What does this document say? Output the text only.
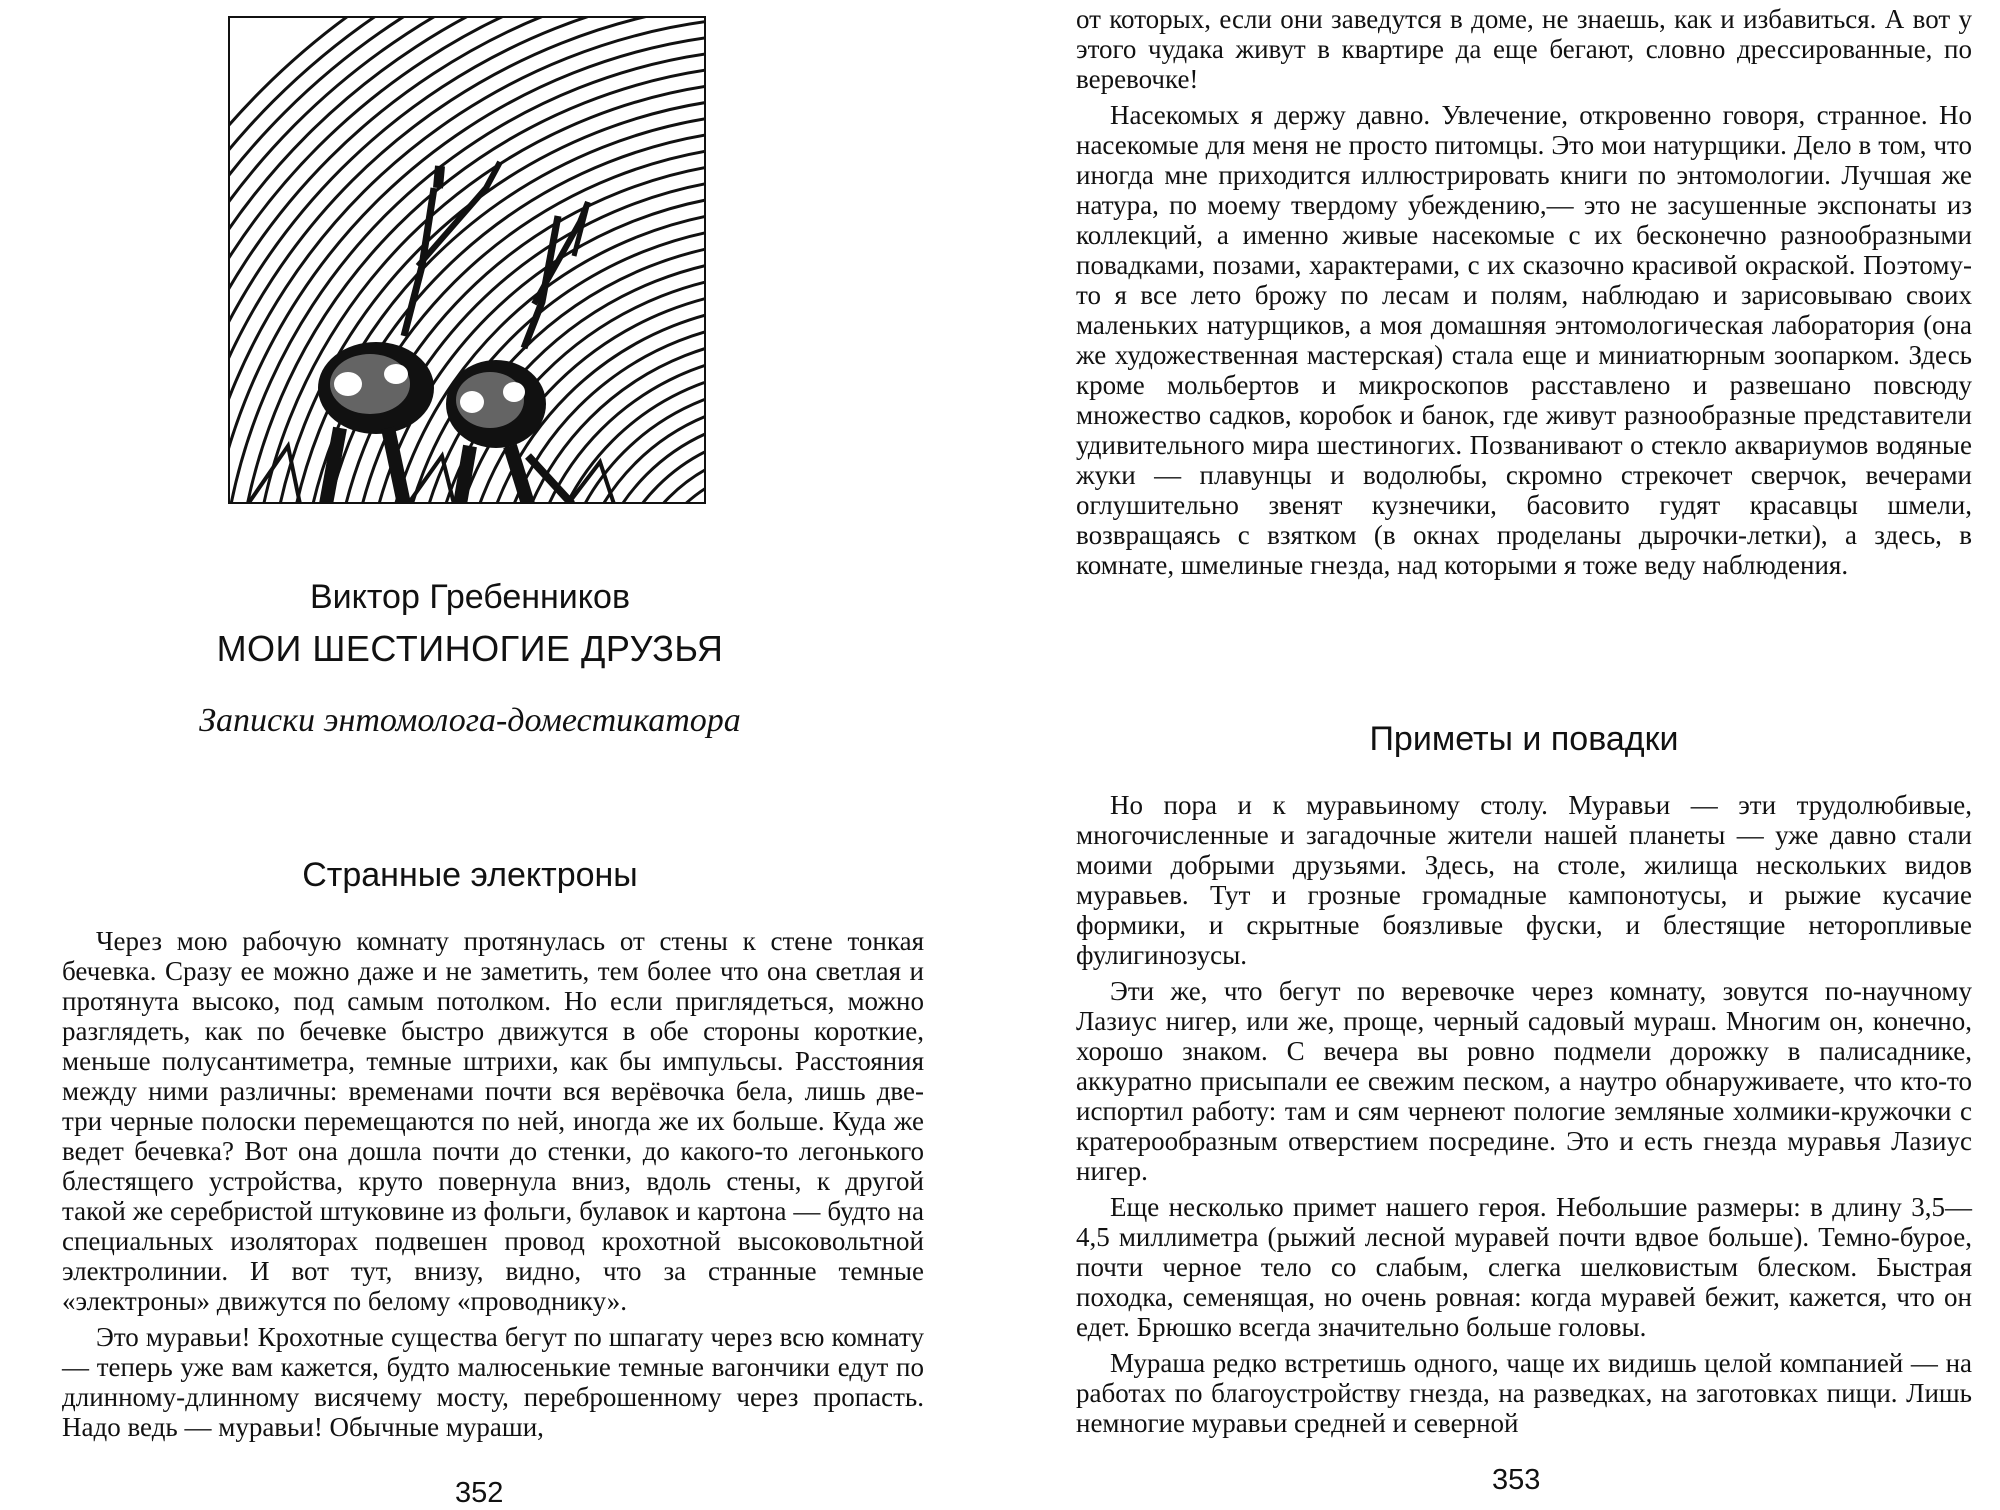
Виктор Гребенников
МОИ ШЕСТИНОГИЕ ДРУЗЬЯ
Записки энтомолога-доместикатора
Странные электроны

Через мою рабочую комнату протянулась от стены к стене тонкая бечевка. Сразу ее можно даже и не заметить, тем более что она светлая и протянута высоко, под самым потолком. Но если приглядеться, можно разглядеть, как по бечевке быстро движутся в обе стороны короткие, меньше полусантиметра, темные штрихи, как бы импульсы. Расстояния между ними различны: временами почти вся верёвочка бела, лишь две-три черные полоски перемещаются по ней, иногда же их больше. Куда же ведет бечевка? Вот она дошла почти до стенки, до какого-то легонького блестящего устройства, круто повернула вниз, вдоль стены, к другой такой же серебристой штуковине из фольги, булавок и картона — будто на специальных изоляторах подвешен провод крохотной высоковольтной электролинии. И вот тут, внизу, видно, что за странные темные «электроны» движутся по белому «проводнику».

Это муравьи! Крохотные существа бегут по шпагату через всю комнату — теперь уже вам кажется, будто малюсенькие темные вагончики едут по длинному-длинному висячему мосту, переброшенному через пропасть. Надо ведь — муравьи! Обычные мураши,

352

от которых, если они заведутся в доме, не знаешь, как и избавиться. А вот у этого чудака живут в квартире да еще бегают, словно дрессированные, по веревочке!

Насекомых я держу давно. Увлечение, откровенно говоря, странное. Но насекомые для меня не просто питомцы. Это мои натурщики. Дело в том, что иногда мне приходится иллюстрировать книги по энтомологии. Лучшая же натура, по моему твердому убеждению,— это не засушенные экспонаты из коллекций, а именно живые насекомые с их бесконечно разнообразными повадками, позами, характерами, с их сказочно красивой окраской. Поэтому-то я все лето брожу по лесам и полям, наблюдаю и зарисовываю своих маленьких натурщиков, а моя домашняя энтомологическая лаборатория (она же художественная мастерская) стала еще и миниатюрным зоопарком. Здесь кроме мольбертов и микроскопов расставлено и развешано повсюду множество садков, коробок и банок, где живут разнообразные представители удивительного мира шестиногих. Позванивают о стекло аквариумов водяные жуки — плавунцы и водолюбы, скромно стрекочет сверчок, вечерами оглушительно звенят кузнечики, басовито гудят красавцы шмели, возвращаясь с взятком (в окнах проделаны дырочки-летки), а здесь, в комнате, шмелиные гнезда, над которыми я тоже веду наблюдения.

Приметы и повадки

Но пора и к муравьиному столу. Муравьи — эти трудолюбивые, многочисленные и загадочные жители нашей планеты — уже давно стали моими добрыми друзьями. Здесь, на столе, жилища нескольких видов муравьев. Тут и грозные громадные кампонотусы, и рыжие кусачие формики, и скрытные боязливые фуски, и блестящие неторопливые фулигинозусы.

Эти же, что бегут по веревочке через комнату, зовутся по-научному Лазиус нигер, или же, проще, черный садовый мураш. Многим он, конечно, хорошо знаком. С вечера вы ровно подмели дорожку в палисаднике, аккуратно присыпали ее свежим песком, а наутро обнаруживаете, что кто-то испортил работу: там и сям чернеют пологие земляные холмики-кружочки с кратерообразным отверстием посредине. Это и есть гнезда муравья Лазиус нигер.

Еще несколько примет нашего героя. Небольшие размеры: в длину 3,5—4,5 миллиметра (рыжий лесной муравей почти вдвое больше). Темно-бурое, почти черное тело со слабым, слегка шелковистым блеском. Быстрая походка, семенящая, но очень ровная: когда муравей бежит, кажется, что он едет. Брюшко всегда значительно больше головы.

Мураша редко встретишь одного, чаще их видишь целой компанией — на работах по благоустройству гнезда, на разведках, на заготовках пищи. Лишь немногие муравьи средней и северной

353
